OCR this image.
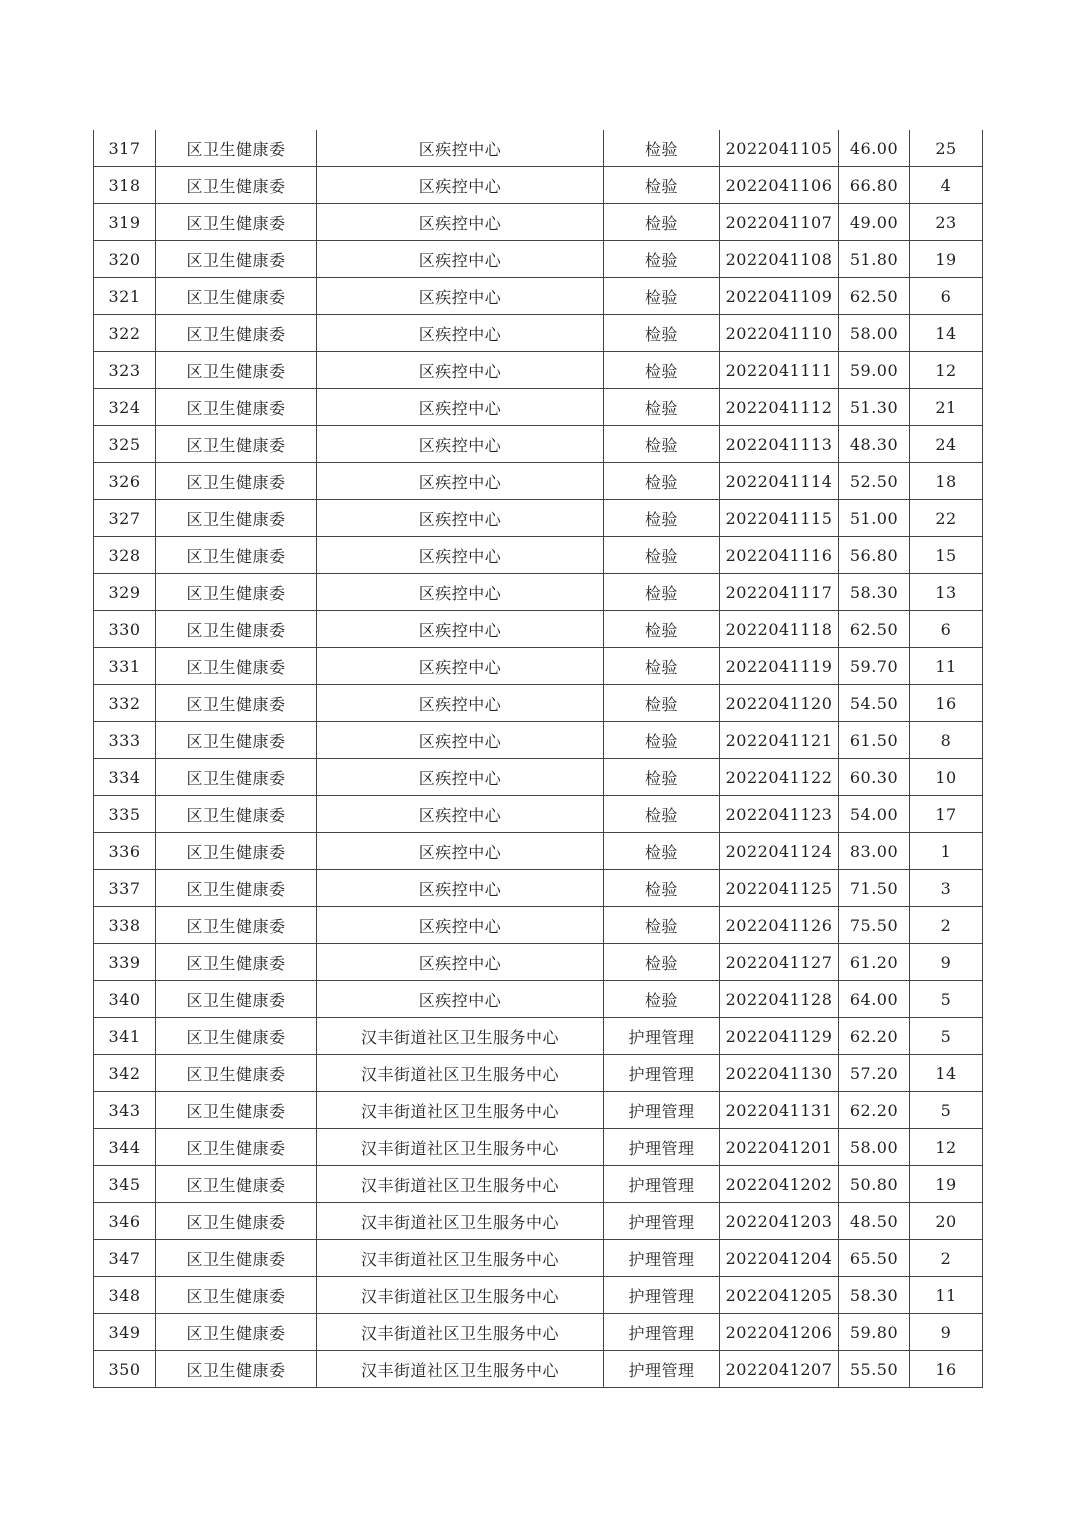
317	区卫生健康委	区疾控中心	检验	2022041105	46.00	25
318	区卫生健康委	区疾控中心	检验	2022041106	66.80	4
319	区卫生健康委	区疾控中心	检验	2022041107	49.00	23
320	区卫生健康委	区疾控中心	检验	2022041108	51.80	19
321	区卫生健康委	区疾控中心	检验	2022041109	62.50	6
322	区卫生健康委	区疾控中心	检验	2022041110	58.00	14
323	区卫生健康委	区疾控中心	检验	2022041111	59.00	12
324	区卫生健康委	区疾控中心	检验	2022041112	51.30	21
325	区卫生健康委	区疾控中心	检验	2022041113	48.30	24
326	区卫生健康委	区疾控中心	检验	2022041114	52.50	18
327	区卫生健康委	区疾控中心	检验	2022041115	51.00	22
328	区卫生健康委	区疾控中心	检验	2022041116	56.80	15
329	区卫生健康委	区疾控中心	检验	2022041117	58.30	13
330	区卫生健康委	区疾控中心	检验	2022041118	62.50	6
331	区卫生健康委	区疾控中心	检验	2022041119	59.70	11
332	区卫生健康委	区疾控中心	检验	2022041120	54.50	16
333	区卫生健康委	区疾控中心	检验	2022041121	61.50	8
334	区卫生健康委	区疾控中心	检验	2022041122	60.30	10
335	区卫生健康委	区疾控中心	检验	2022041123	54.00	17
336	区卫生健康委	区疾控中心	检验	2022041124	83.00	1
337	区卫生健康委	区疾控中心	检验	2022041125	71.50	3
338	区卫生健康委	区疾控中心	检验	2022041126	75.50	2
339	区卫生健康委	区疾控中心	检验	2022041127	61.20	9
340	区卫生健康委	区疾控中心	检验	2022041128	64.00	5
341	区卫生健康委	汉丰街道社区卫生服务中心	护理管理	2022041129	62.20	5
342	区卫生健康委	汉丰街道社区卫生服务中心	护理管理	2022041130	57.20	14
343	区卫生健康委	汉丰街道社区卫生服务中心	护理管理	2022041131	62.20	5
344	区卫生健康委	汉丰街道社区卫生服务中心	护理管理	2022041201	58.00	12
345	区卫生健康委	汉丰街道社区卫生服务中心	护理管理	2022041202	50.80	19
346	区卫生健康委	汉丰街道社区卫生服务中心	护理管理	2022041203	48.50	20
347	区卫生健康委	汉丰街道社区卫生服务中心	护理管理	2022041204	65.50	2
348	区卫生健康委	汉丰街道社区卫生服务中心	护理管理	2022041205	58.30	11
349	区卫生健康委	汉丰街道社区卫生服务中心	护理管理	2022041206	59.80	9
350	区卫生健康委	汉丰街道社区卫生服务中心	护理管理	2022041207	55.50	16
